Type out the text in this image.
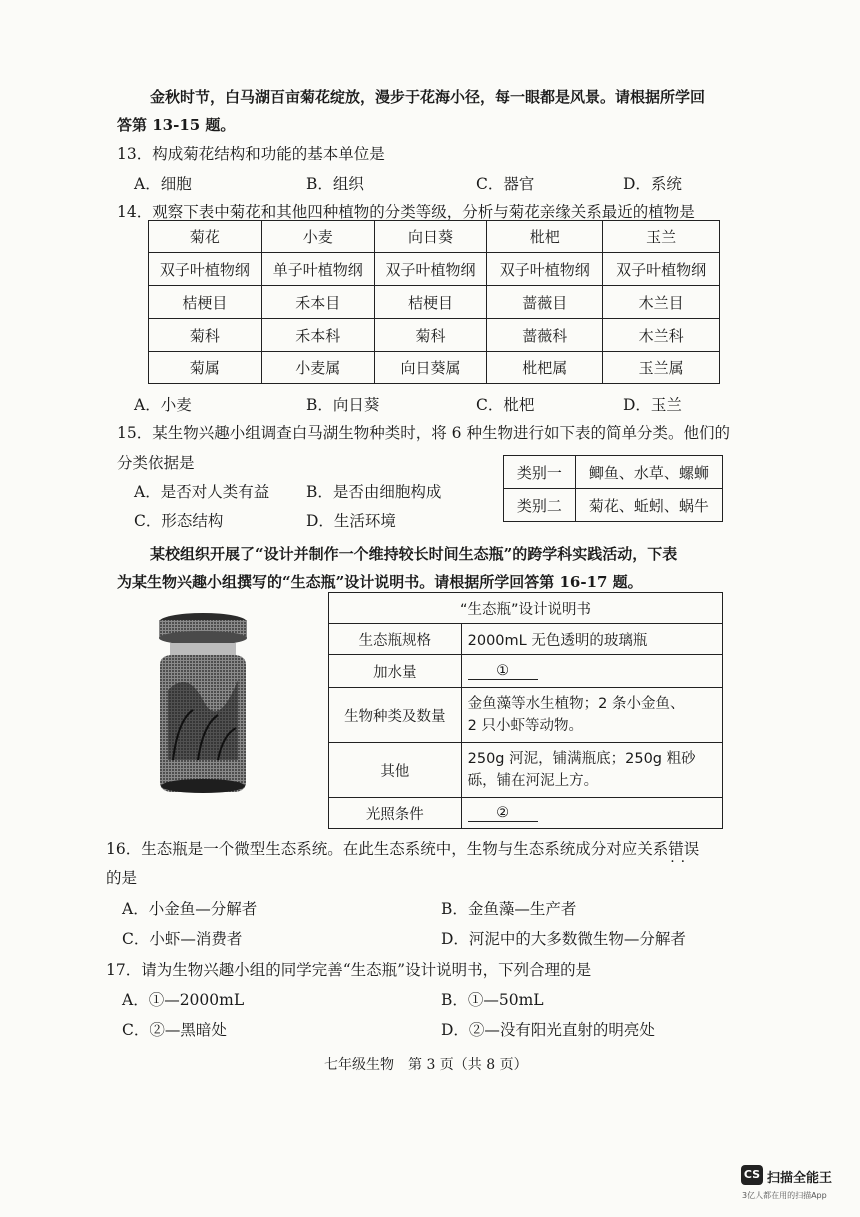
金秋时节，白马湖百亩菊花绽放，漫步于花海小径，每一眼都是风景。请根据所学回
答第 13-15 题。
13．构成菊花结构和功能的基本单位是
A．细胞	B．组织	C．器官	D．系统
14．观察下表中菊花和其他四种植物的分类等级，分析与菊花亲缘关系最近的植物是
菊花	小麦	向日葵	枇杷	玉兰
双子叶植物纲	单子叶植物纲	双子叶植物纲	双子叶植物纲	双子叶植物纲
桔梗目	禾本目	桔梗目	蔷薇目	木兰目
菊科	禾本科	菊科	蔷薇科	木兰科
菊属	小麦属	向日葵属	枇杷属	玉兰属
A．小麦	B．向日葵	C．枇杷	D．玉兰
15．某生物兴趣小组调查白马湖生物种类时，将 6 种生物进行如下表的简单分类。他们的
分类依据是
A．是否对人类有益 B．是否由细胞构成
C．形态结构	D．生活环境
类别一	鲫鱼、水草、螺蛳
类别二	菊花、蚯蚓、蜗牛
某校组织开展了“设计并制作一个维持较长时间生态瓶”的跨学科实践活动，下表
为某生物兴趣小组撰写的“生态瓶”设计说明书。请根据所学回答第 16-17 题。
“生态瓶”设计说明书	
生态瓶规格	2000mL 无色透明的玻璃瓶
加水量	①
生物种类及数量	金鱼藻等水生植物；2 条小金鱼、
2 只小虾等动物。

其他	250g 河泥，铺满瓶底；250g 粗砂
砾，铺在河泥上方。

光照条件	②
16．生态瓶是一个微型生态系统。在此生态系统中，生物与生态系统成分对应关系错误 ··
的是
A．小金鱼—分解者	B．金鱼藻—生产者
C．小虾—消费者	D．河泥中的大多数微生物—分解者
17．请为生物兴趣小组的同学完善“生态瓶”设计说明书，下列合理的是
A．①—2000mL	B．①—50mL
C．②—黑暗处	D．②—没有阳光直射的明亮处
七年级生物　第 3 页（共 8 页）
CS 扫描全能王
3亿人都在用的扫描App
